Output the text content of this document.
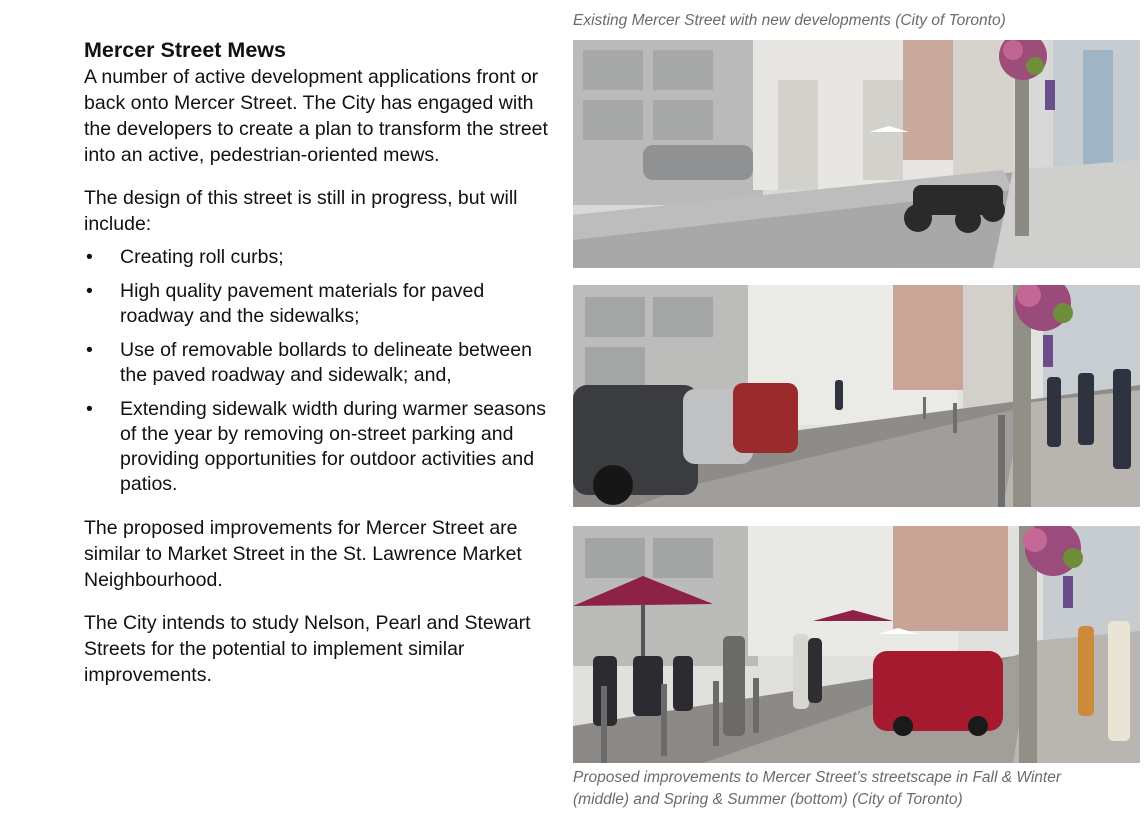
Mercer Street Mews

A number of active development applications front or back onto Mercer Street. The City has engaged with the developers to create a plan to transform the street into an active, pedestrian-oriented mews.

The design of this street is still in progress, but will include:

• Creating roll curbs;
• High quality pavement materials for paved roadway and the sidewalks;
• Use of removable bollards to delineate between the paved roadway and sidewalk; and,
• Extending sidewalk width during warmer seasons of the year by removing on-street parking and providing opportunities for outdoor activities and patios.

The proposed improvements for Mercer Street are similar to Market Street in the St. Lawrence Market Neighbourhood.

The City intends to study Nelson, Pearl and Stewart Streets for the potential to implement similar improvements.

Existing Mercer Street with new developments (City of Toronto)
Proposed improvements to Mercer Street’s streetscape in Fall & Winter (middle) and Spring & Summer (bottom) (City of Toronto)
